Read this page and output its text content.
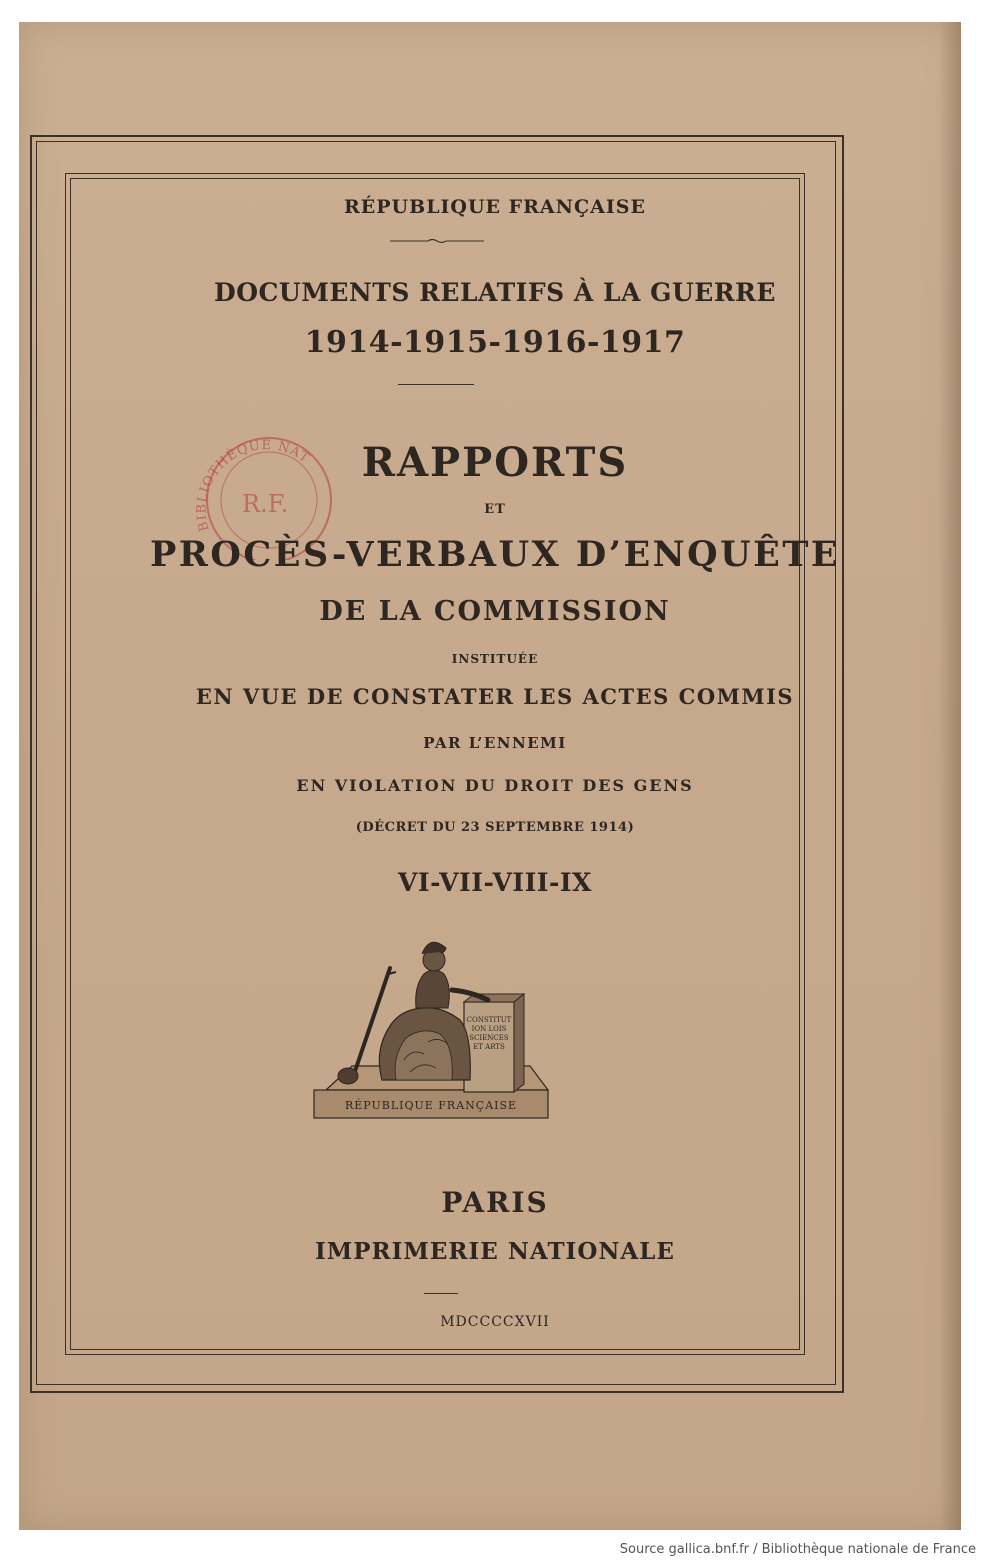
RÉPUBLIQUE FRANÇAISE
DOCUMENTS RELATIFS À LA GUERRE
1914-1915-1916-1917
BIBLIOTHÈQUE NAT
R.F.
RAPPORTS
ET
PROCÈS-VERBAUX D’ENQUÊTE
DE LA COMMISSION
INSTITUÉE
EN VUE DE CONSTATER LES ACTES COMMIS
PAR L’ENNEMI
EN VIOLATION DU DROIT DES GENS
(DÉCRET DU 23 SEPTEMBRE 1914)
VI-VII-VIII-IX
RÉPUBLIQUE FRANÇAISE
CONSTITUTION LOIS SCIENCES ET ARTS
PARIS
IMPRIMERIE NATIONALE
MDCCCCXVII
Source gallica.bnf.fr / Bibliothèque nationale de France
